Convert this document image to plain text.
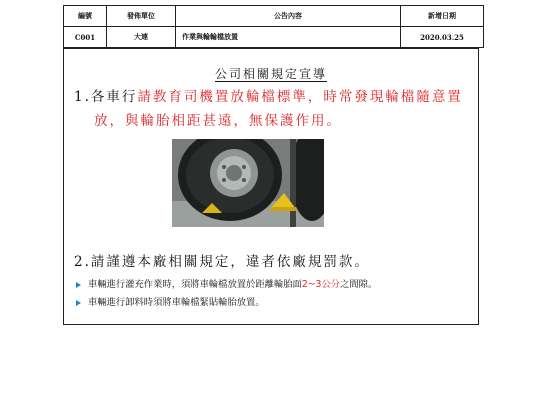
編號	發佈單位	公告內容	新增日期
C001	大連	作業與輪輪檔放置	2020.03.25
公司相關規定宣導
1.各車行請教育司機置放輪檔標準，時常發現輪檔隨意置
放，與輪胎相距甚遠，無保護作用。
2.請謹遵本廠相關規定，違者依廠規罰款。
車輛進行灌充作業時，須將車輪檔放置於距離輪胎面2~3公分之間隙。
車輛進行卸料時須將車輪檔緊貼輪胎放置。
